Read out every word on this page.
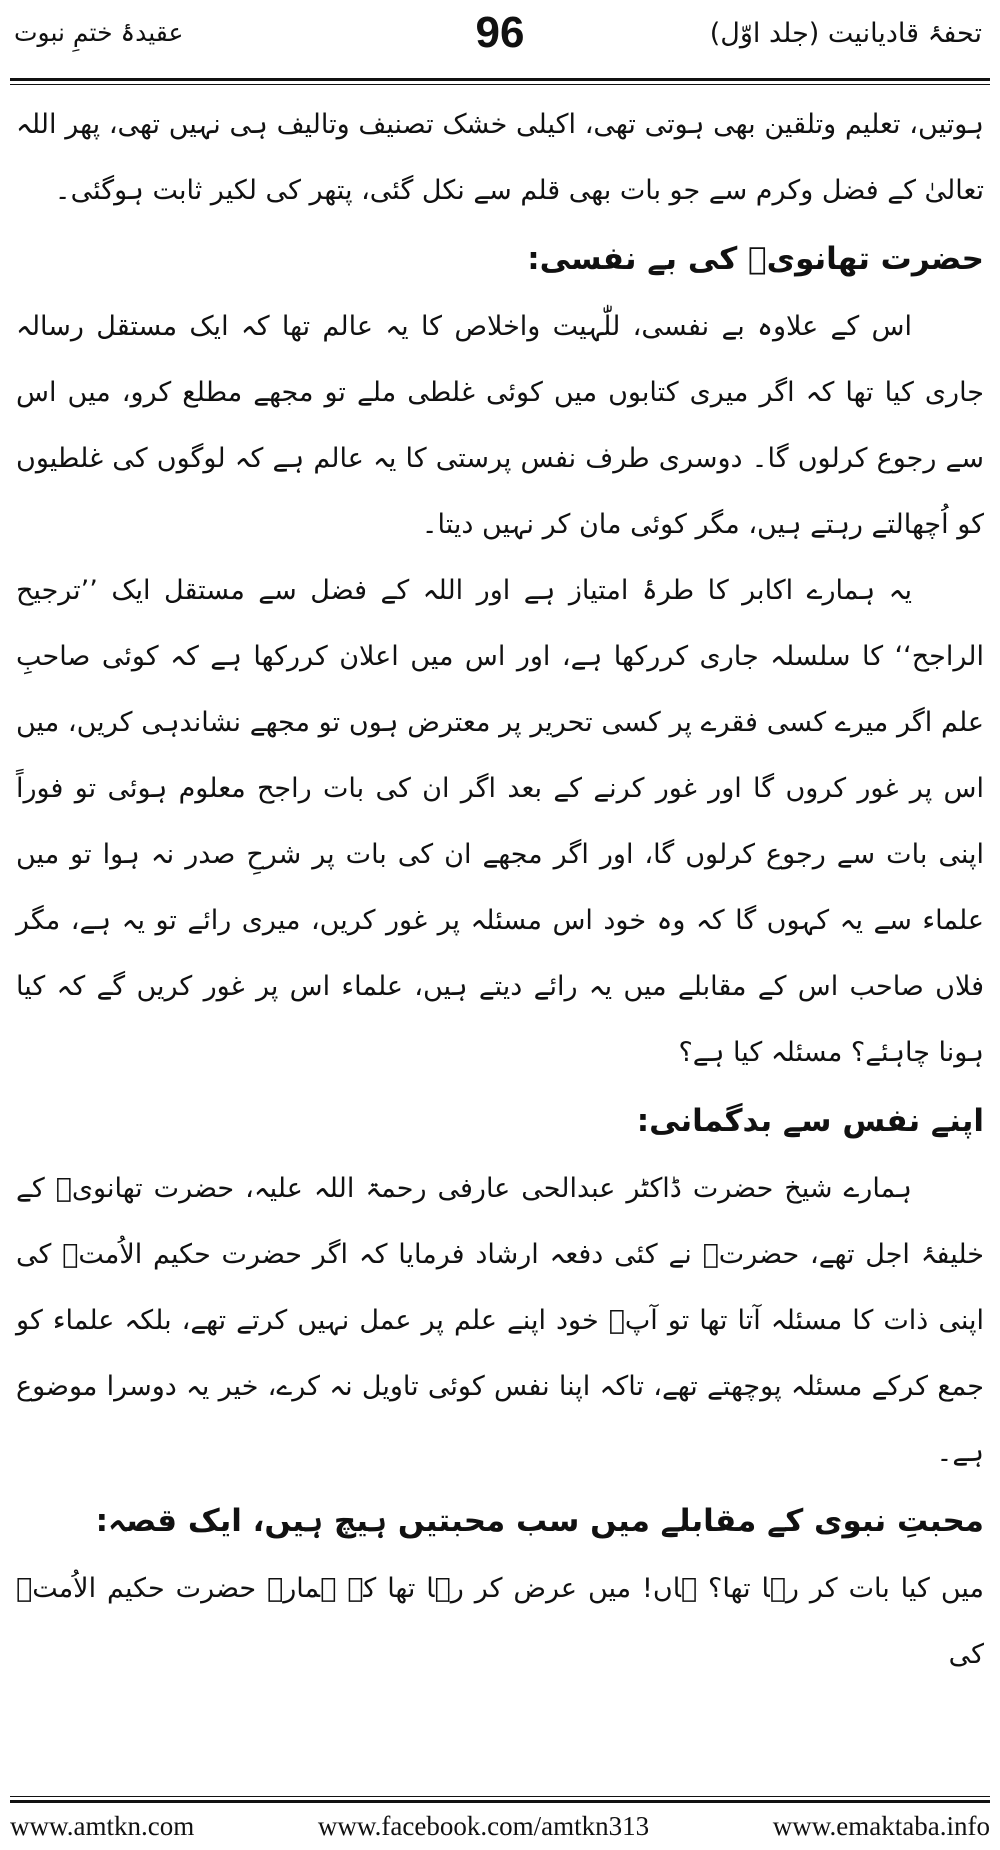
تحفۂ قادیانیت (جلد اوّل)
96
عقیدۂ ختمِ نبوت

ہوتیں، تعلیم وتلقین بھی ہوتی تھی، اکیلی خشک تصنیف وتالیف ہی نہیں تھی، پھر اللہ تعالیٰ کے فضل وکرم سے جو بات بھی قلم سے نکل گئی، پتھر کی لکیر ثابت ہوگئی۔

حضرت تھانویؒ کی بے نفسی:

اس کے علاوہ بے نفسی، للّٰہیت واخلاص کا یہ عالم تھا کہ ایک مستقل رسالہ جاری کیا تھا کہ اگر میری کتابوں میں کوئی غلطی ملے تو مجھے مطلع کرو، میں اس سے رجوع کرلوں گا۔ دوسری طرف نفس پرستی کا یہ عالم ہے کہ لوگوں کی غلطیوں کو اُچھالتے رہتے ہیں، مگر کوئی مان کر نہیں دیتا۔

یہ ہمارے اکابر کا طرۂ امتیاز ہے اور اللہ کے فضل سے مستقل ایک ’’ترجیح الراجح‘‘ کا سلسلہ جاری کررکھا ہے، اور اس میں اعلان کررکھا ہے کہ کوئی صاحبِ علم اگر میرے کسی فقرے پر کسی تحریر پر معترض ہوں تو مجھے نشاندہی کریں، میں اس پر غور کروں گا اور غور کرنے کے بعد اگر ان کی بات راجح معلوم ہوئی تو فوراً اپنی بات سے رجوع کرلوں گا، اور اگر مجھے ان کی بات پر شرحِ صدر نہ ہوا تو میں علماء سے یہ کہوں گا کہ وہ خود اس مسئلہ پر غور کریں، میری رائے تو یہ ہے، مگر فلاں صاحب اس کے مقابلے میں یہ رائے دیتے ہیں، علماء اس پر غور کریں گے کہ کیا ہونا چاہئے؟ مسئلہ کیا ہے؟

اپنے نفس سے بدگمانی:

ہمارے شیخ حضرت ڈاکٹر عبدالحی عارفی رحمۃ اللہ علیہ، حضرت تھانویؒ کے خلیفۂ اجل تھے، حضرتؒ نے کئی دفعہ ارشاد فرمایا کہ اگر حضرت حکیم الاُمتؒ کی اپنی ذات کا مسئلہ آتا تھا تو آپؒ خود اپنے علم پر عمل نہیں کرتے تھے، بلکہ علماء کو جمع کرکے مسئلہ پوچھتے تھے، تاکہ اپنا نفس کوئی تاویل نہ کرے، خیر یہ دوسرا موضوع ہے۔

محبتِ نبوی کے مقابلے میں سب محبتیں ہیچ ہیں، ایک قصہ:

میں کیا بات کر رہا تھا؟ ہاں! میں عرض کر رہا تھا کہ ہمارے حضرت حکیم الاُمتؒ کی

www.amtkn.com	www.facebook.com/amtkn313	www.emaktaba.info
